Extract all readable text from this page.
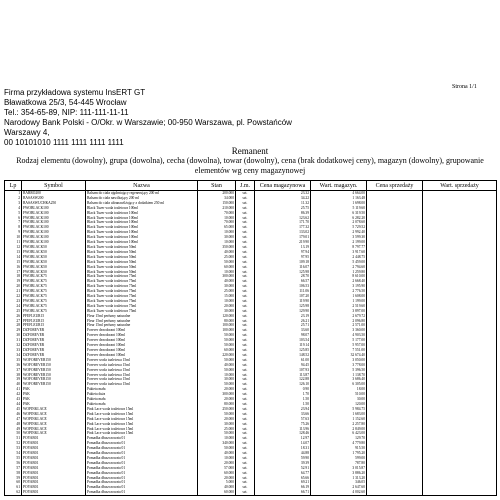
Strona 1/1
Firma przykładowa systemu InsERT GT
Bławatkowa 25/3, 54-445 Wrocław
Tel.: 354-65-89, NIP: 111-111-11-11
Narodowy Bank Polski - O/Okr. w Warszawie; 00-950 Warszawa, pl. Powstańców
Warszawy 4,
00 10101010 1111 1111 1111 1111
Remanent
Rodzaj elementu (dowolny), grupa (dowolna), cecha (dowolna), towar (dowolny), cena (brak dodatkowej ceny), magazyn (dowolny), grupowanie elementów wg ceny magazynowej
Lp	Symbol	Nazwa	Stan	J.m.	Cena magazynowa	Wart. magazyn.	Cena sprzedaży	Wart. sprzedaży
1	BARRO200	Balsam do ciała ujędrniający regenerujący 200 ml	200.000	szt.	23.32	4 664.00		
2	BASASW200	Balsam do ciała nawilżający 200 ml	34.000	szt.	34.22	1 163.48		
3	BASASWUCHKA250	Balsam do ciała ultranawilżający z dodatkiem 250 ml	150.000	szt.	11.32	1 698.00		
4	FWOBLACK100	Black Tuzer woda toaletowa 100ml	210.000	szt.	25.75	5 119.60		
5	FWOBLACK100	Black Tuzer woda toaletowa 100ml	70.000	szt.	86.39	6 319.50		
6	FWOBLACK100	Black Tuzer woda toaletowa 100ml	10.000	szt.	123.62	6 282.20		
7	FWOBLACK100	Black Tuzer woda toaletowa 100ml	70.000	szt.	171.70	2 078.60		
8	FWOBLACK100	Black Tuzer woda toaletowa 100ml	65.000	szt.	177.32	5 729.52		
9	FWOBLACK100	Black Tuzer woda toaletowa 100ml	10.000	szt.	133.02	2 992.40		
10	FWOBLACK100	Black Tuzer woda toaletowa 100ml	30.000	szt.	179.01	3 599.30		
11	FWOBLACK100	Black Tuzer woda toaletowa 100ml	10.000	szt.	219.90	2 199.00		
12	FWOBLACK50	Black Tuzer woda toaletowa 50ml	350.000	szt.	13.19	8 797.77		
13	FWOBLACK50	Black Tuzer woda toaletowa 50ml	40.000	szt.	97.94	3 917.60		
14	FWOBLACK50	Black Tuzer woda toaletowa 50ml	25.000	szt.	97.95	2 448.75		
15	FWOBLACK50	Black Tuzer woda toaletowa 50ml	50.000	szt.	109.18	5 459.00		
16	FWOBLACK50	Black Tuzer woda toaletowa 50ml	60.000	szt.	116.07	2 794.60		
17	FWOBLACK50	Black Tuzer woda toaletowa 50ml	10.000	szt.	125.98	1 259.80		
18	FWOBLACK75	Black Tuzer woda toaletowa 75ml	300.000	szt.	28.70	8 610.00		
19	FWOBLACK75	Black Tuzer woda toaletowa 75ml	40.000	szt.	66.57	2 668.40		
20	FWOBLACK75	Black Tuzer woda toaletowa 75ml	30.000	szt.	106.53	3 195.90		
21	FWOBLACK75	Black Tuzer woda toaletowa 75ml	25.000	szt.	111.06	2 776.50		
22	FWOBLACK75	Black Tuzer woda toaletowa 75ml	15.000	szt.	107.20	1 608.00		
23	FWOBLACK75	Black Tuzer woda toaletowa 75ml	10.000	szt.	119.90	1 199.00		
24	FWOBLACK75	Black Tuzer woda toaletowa 75ml	20.000	szt.	125.98	2 519.60		
25	FWOBLACK75	Black Tuzer woda toaletowa 75ml	30.000	szt.	129.90	3 897.00		
26	PFEFLEUR15	Fleur 15ml perfumy naturalne	120.000	szt.	23.19	2 679.72		
27	PFEFLEUR15	Fleur 15ml perfumy naturalne	80.000	szt.	26.21	2 096.80		
28	PFEFLEUR15	Fleur 15ml perfumy naturalne	100.000	szt.	25.71	2 571.00		
29	DZFOREVER	Forever dezodorant 100ml	100.000	szt.	33.60	3 360.00		
30	DZFOREVER	Forever dezodorant 100ml	50.000	szt.	98.07	4 903.50		
31	DZFOREVER	Forever dezodorant 100ml	50.000	szt.	103.54	5 177.00		
32	DZFOREVER	Forever dezodorant 100ml	50.000	szt.	119.14	5 957.00		
33	DZFOREVER	Forever dezodorant 100ml	60.000	szt.	125.85	7 551.00		
34	DZFOREVER	Forever dezodorant 100ml	220.000	szt.	148.52	32 674.40		
35	WOFOREVER150	Forever woda toaletowa 15ml	50.000	szt.	61.00	3 050.00		
36	WOFOREVER150	Forever woda toaletowa 15ml	40.000	szt.	94.45	3 778.00		
37	WOFOREVER150	Forever woda toaletowa 15ml	50.000	szt.	107.93	5 396.50		
38	WOFOREVER150	Forever woda toaletowa 15ml	10.000	szt.	113.87	1 138.70		
39	WOFOREVER150	Forever woda toaletowa 15ml	30.000	szt.	122.88	3 686.40		
40	WOFOREVER150	Forever woda toaletowa 15ml	50.000	szt.	126.10	6 305.00		
41	PAK	Pakieta mała	20.000	szt.	0.90	18.00		
42	PAK	Pakieta duża	300.000	szt.	1.70	510.00		
43	PAK	Pakieta mała	20.000	szt.	1.50	30.00		
44	PAK	Pakieta mała	80.000	szt.	1.50	120.00		
45	WOPINKLACE	Pink Lace woda toaletowa 15ml	250.000	szt.	23.94	5 984.75		
46	WOPINKLACE	Pink Lace woda toaletowa 15ml	50.000	szt.	33.66	1 683.00		
47	WOPINKLACE	Pink Lace woda toaletowa 15ml	20.000	szt.	57.63	1 152.60		
48	WOPINKLACE	Pink Lace woda toaletowa 15ml	30.000	szt.	75.26	2 257.80		
49	WOPINKLACE	Pink Lace woda toaletowa 15ml	25.000	szt.	113.96	2 849.00		
50	WOPINKLACE	Pink Lace woda toaletowa 15ml	50.000	szt.	128.46	6 423.00		
51	POYAB01	Pomadka dłuszczowata 01	10.000	szt.	12.97	129.70		
52	POYAB01	Pomadka dłuszczowata 01	340.000	szt.	14.07	4 779.80		
53	POYAB01	Pomadka dłuszczowata 01	50.000	szt.	18.31	915.50		
54	POYAB01	Pomadka dłuszczowata 01	40.000	szt.	44.88	1 795.20		
55	POYAB01	Pomadka dłuszczowata 01	10.000	szt.	59.90	599.00		
56	POYAB01	Pomadka dłuszczowata 01	20.000	szt.	39.39	787.80		
57	POYAB01	Pomadka dłuszczowata 01	57.000	szt.	52.91	3 015.87		
58	POYAB01	Pomadka dłuszczowata 01	60.000	szt.	64.77	3 886.20		
59	POYAB01	Pomadka dłuszczowata 01	20.000	szt.	65.66	1 313.20		
60	POYAB01	Pomadka dłuszczowata 01	5.000	szt.	69.21	346.05		
61	POYAB01	Pomadka dłuszczowata 01	40.000	szt.	66.19	2 647.60		
62	POYAB01	Pomadka dłuszczowata 01	60.000	szt.	66.71	4 002.60		
